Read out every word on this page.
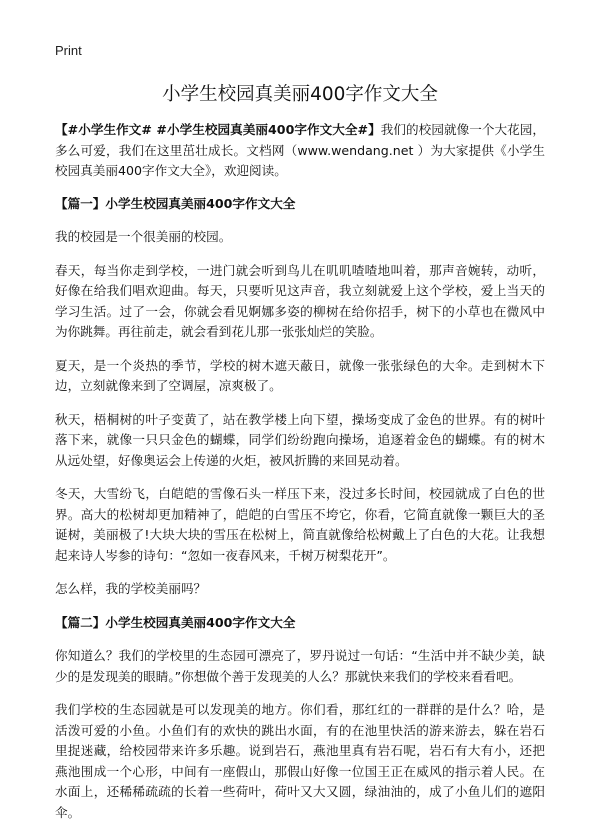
Print
小学生校园真美丽400字作文大全

【#小学生作文# #小学生校园真美丽400字作文大全#】我们的校园就像一个大花园，多么可爱，我们在这里茁壮成长。文档网（www.wendang.net ）为大家提供《小学生校园真美丽400字作文大全》，欢迎阅读。

【篇一】小学生校园真美丽400字作文大全

我的校园是一个很美丽的校园。

春天，每当你走到学校，一进门就会听到鸟儿在叽叽喳喳地叫着，那声音婉转，动听，好像在给我们唱欢迎曲。每天，只要听见这声音，我立刻就爱上这个学校，爱上当天的学习生活。过了一会，你就会看见婀娜多姿的柳树在给你招手，树下的小草也在微风中为你跳舞。再往前走，就会看到花儿那一张张灿烂的笑脸。

夏天，是一个炎热的季节，学校的树木遮天蔽日，就像一张张绿色的大伞。走到树木下边，立刻就像来到了空调屋，凉爽极了。

秋天，梧桐树的叶子变黄了，站在教学楼上向下望，操场变成了金色的世界。有的树叶落下来，就像一只只金色的蝴蝶，同学们纷纷跑向操场，追逐着金色的蝴蝶。有的树木从远处望，好像奥运会上传递的火炬，被风折腾的来回晃动着。

冬天，大雪纷飞，白皑皑的雪像石头一样压下来，没过多长时间，校园就成了白色的世界。高大的松树却更加精神了，皑皑的白雪压不垮它，你看，它简直就像一颗巨大的圣诞树，美丽极了!大块大块的雪压在松树上，简直就像给松树戴上了白色的大花。让我想起来诗人岑参的诗句：“忽如一夜春风来，千树万树梨花开”。

怎么样，我的学校美丽吗？

【篇二】小学生校园真美丽400字作文大全

你知道么？我们的学校里的生态园可漂亮了，罗丹说过一句话：“生活中并不缺少美，缺少的是发现美的眼睛。”你想做个善于发现美的人么？那就快来我们的学校来看看吧。

我们学校的生态园就是可以发现美的地方。你们看，那红红的一群群的是什么？哈，是活泼可爱的小鱼。小鱼们有的欢快的跳出水面，有的在池里快活的游来游去，躲在岩石里捉迷藏，给校园带来许多乐趣。说到岩石，燕池里真有岩石呢，岩石有大有小，还把燕池围成一个心形，中间有一座假山，那假山好像一位国王正在威风的指示着人民。在水面上，还稀稀疏疏的长着一些荷叶，荷叶又大又圆，绿油油的，成了小鱼儿们的遮阳伞。
